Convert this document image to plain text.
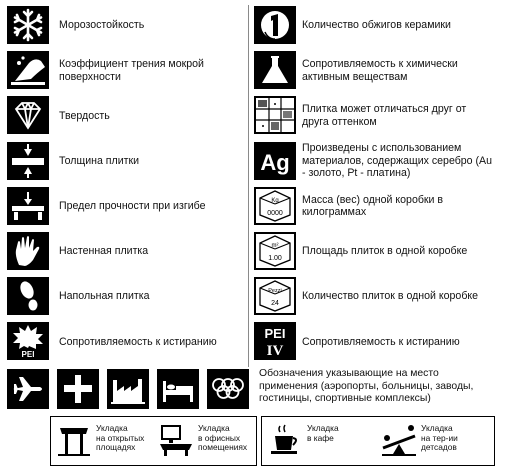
Морозостойкость
Коэффициент трения мокрой поверхности
Твердость
Толщина плитки
Предел прочности при изгибе
Настенная плитка
Напольная плитка
PEI
Сопротивляемость к истиранию
Количество обжигов керамики
Сопротивляемость к химически активным веществам
Плитка может отличаться друг от друга оттенком
Ag
Произведены с использованием материалов, содержащих серебро (Au - золото, Pt - платина)
Kg
0000
Масса (вес) одной коробки в килограммах
m²
1.00
Площадь плиток в одной коробке
Pezzi
24
Количество плиток в одной коробке
PEI
IV
Сопротивляемость к истиранию
Обозначения указывающие на место
применения (аэропорты, больницы, заводы,
гостиницы, спортивные комплексы)
Укладка
на открытых
площадях
Укладка
в офисных
помещениях
Укладка
в кафе
Укладка
на тер-ии
детсадов
